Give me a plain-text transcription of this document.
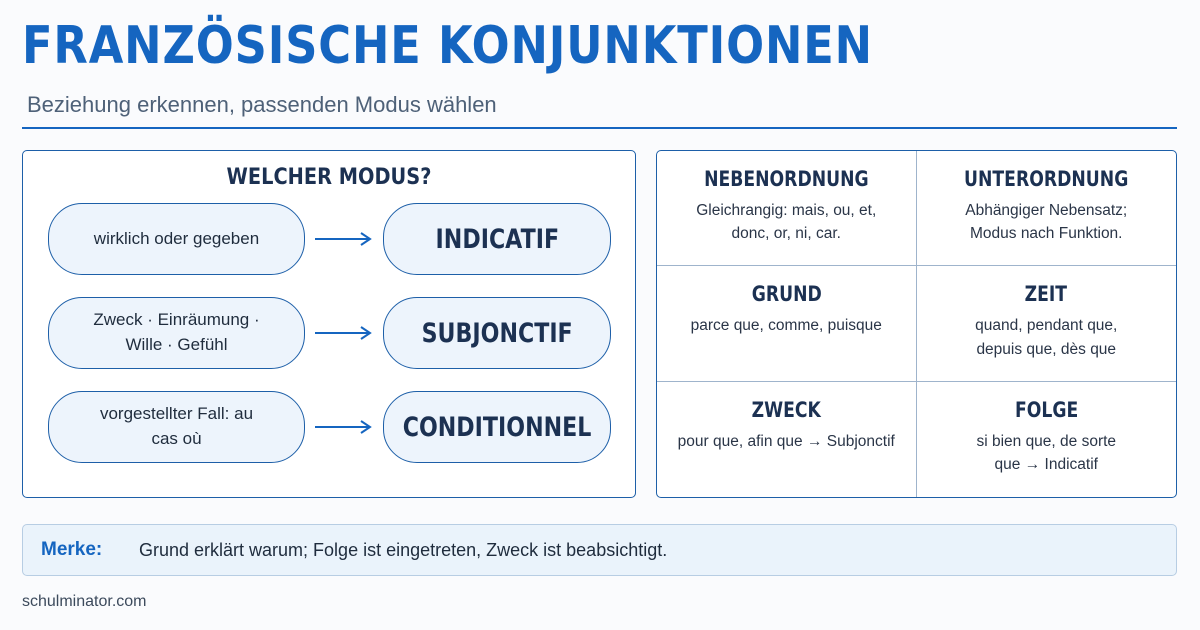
FRANZÖSISCHE KONJUNKTIONEN
Beziehung erkennen, passenden Modus wählen
WELCHER MODUS?
wirklich oder gegeben	INDICATIF
Zweck · Einräumung · Wille · Gefühl	SUBJONCTIF
vorgestellter Fall: au cas où	CONDITIONNEL
NEBENORDNUNG
Gleichrangig: mais, ou, et, donc, or, ni, car.
UNTERORDNUNG
Abhängiger Nebensatz; Modus nach Funktion.
GRUND
parce que, comme, puisque
ZEIT
quand, pendant que, depuis que, dès que
ZWECK
pour que, afin que → Subjonctif
FOLGE
si bien que, de sorte que → Indicatif
Merke:	Grund erklärt warum; Folge ist eingetreten, Zweck ist beabsichtigt.
schulminator.com
